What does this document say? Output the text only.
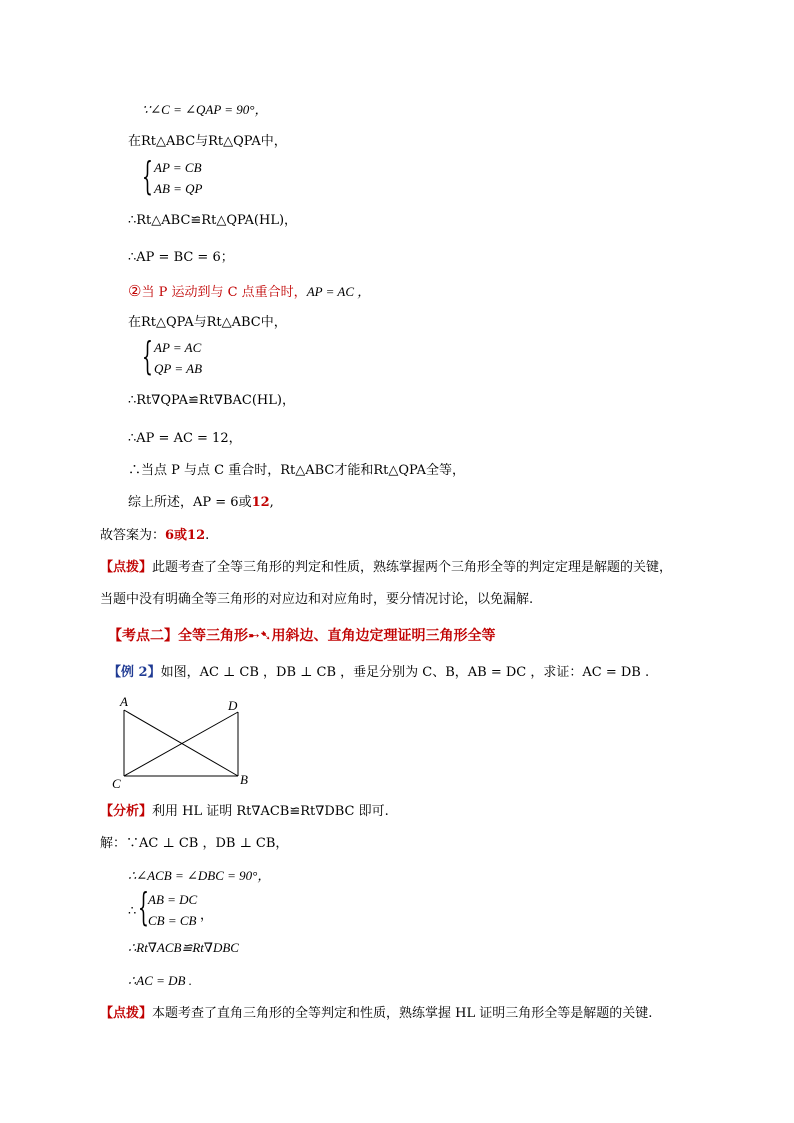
∵∠C = ∠QAP = 90°，
在Rt△ABC与Rt△QPA中，
{ AP = CB
AB = QP
∴Rt△ABC≌Rt△QPA(HL)，
∴AP = BC = 6；
②当 P 运动到与 C 点重合时，AP = AC ，
在Rt△QPA与Rt△ABC中，
{ AP = AC
QP = AB
∴Rt∇QPA≌Rt∇BAC(HL)，
∴AP = AC = 12，
∴当点 P 与点 C 重合时，Rt△ABC才能和Rt△QPA全等，
综上所述，AP = 6或12,
故答案为：6或12.
【点拨】此题考查了全等三角形的判定和性质，熟练掌握两个三角形全等的判定定理是解题的关键，
当题中没有明确全等三角形的对应边和对应角时，要分情况讨论，以免漏解.
【考点二】全等三角形➸➷用斜边、直角边定理证明三角形全等
【例 2】如图，AC ⊥ CB ，DB ⊥ CB ，垂足分别为 C、B，AB = DC ，求证：AC = DB .
A	D
C	B
【分析】利用 HL 证明 Rt∇ACB≌Rt∇DBC 即可.
解：∵AC ⊥ CB ，DB ⊥ CB，
∴∠ACB = ∠DBC = 90°，
∴ { AB = DC
CB = CB ，
∴Rt∇ACB≌Rt∇DBC
∴AC = DB .
【点拨】本题考查了直角三角形的全等判定和性质，熟练掌握 HL 证明三角形全等是解题的关键.
